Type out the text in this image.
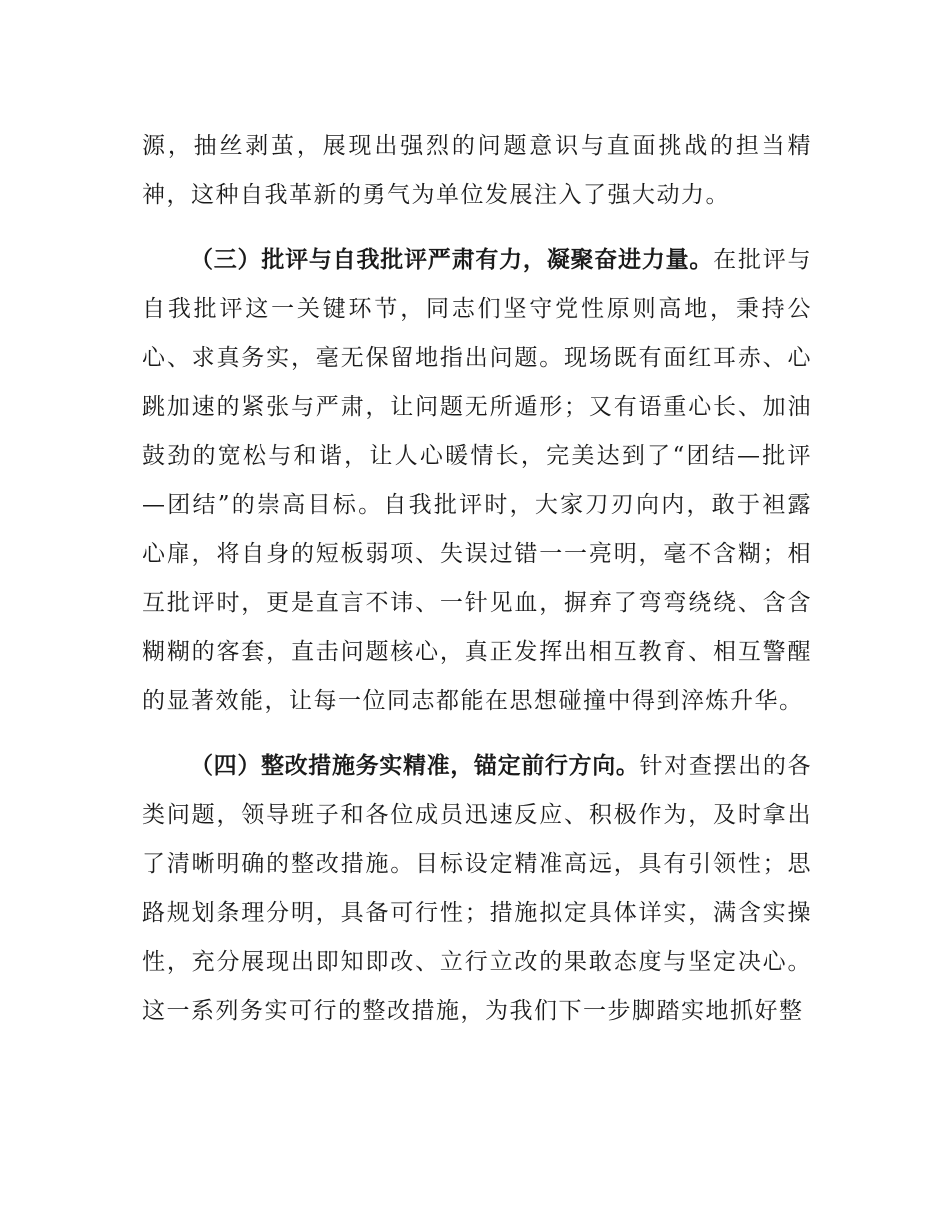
源，抽丝剥茧，展现出强烈的问题意识与直面挑战的担当精神，这种自我革新的勇气为单位发展注入了强大动力。

（三）批评与自我批评严肃有力，凝聚奋进力量。在批评与自我批评这一关键环节，同志们坚守党性原则高地，秉持公心、求真务实，毫无保留地指出问题。现场既有面红耳赤、心跳加速的紧张与严肃，让问题无所遁形；又有语重心长、加油鼓劲的宽松与和谐，让人心暖情长，完美达到了“团结—批评—团结”的崇高目标。自我批评时，大家刀刃向内，敢于袒露心扉，将自身的短板弱项、失误过错一一亮明，毫不含糊；相互批评时，更是直言不讳、一针见血，摒弃了弯弯绕绕、含含糊糊的客套，直击问题核心，真正发挥出相互教育、相互警醒的显著效能，让每一位同志都能在思想碰撞中得到淬炼升华。

（四）整改措施务实精准，锚定前行方向。针对查摆出的各类问题，领导班子和各位成员迅速反应、积极作为，及时拿出了清晰明确的整改措施。目标设定精准高远，具有引领性；思路规划条理分明，具备可行性；措施拟定具体详实，满含实操性，充分展现出即知即改、立行立改的果敢态度与坚定决心。这一系列务实可行的整改措施，为我们下一步脚踏实地抓好整
